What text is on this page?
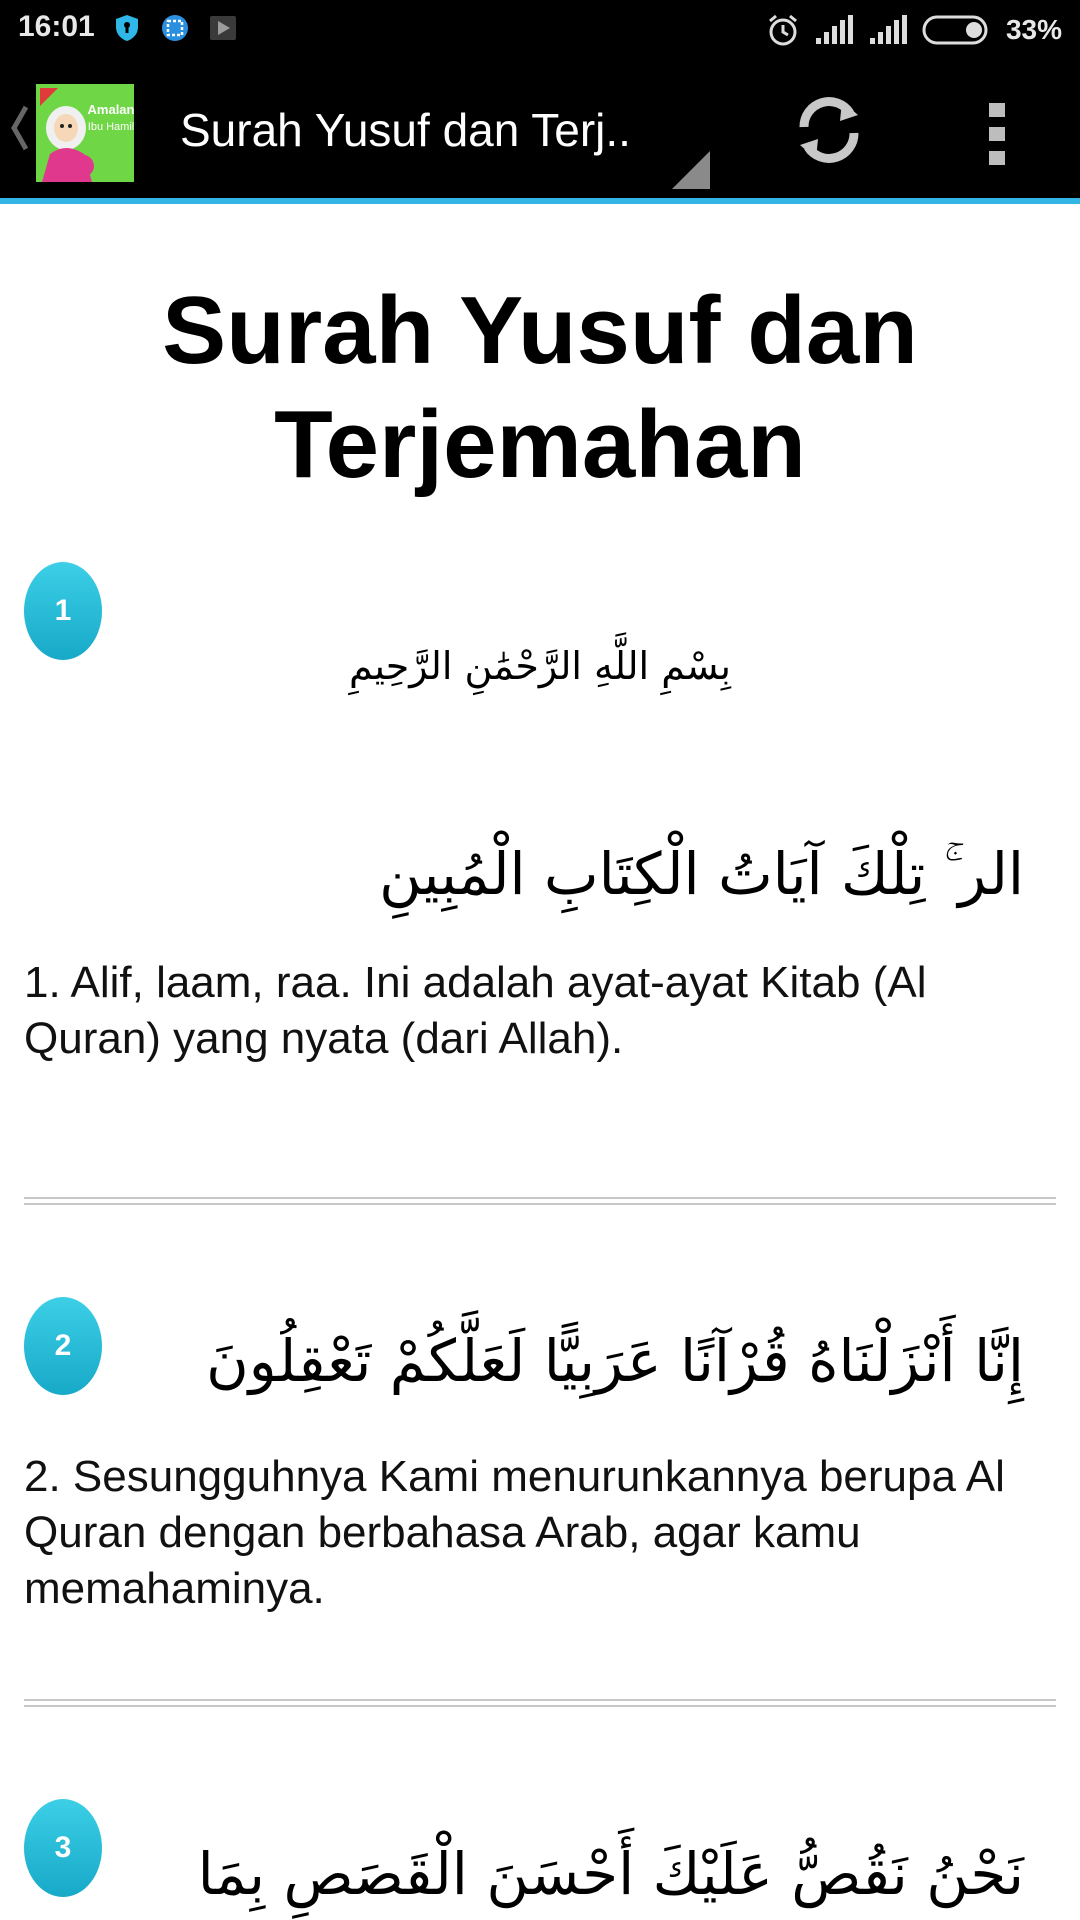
16:01	33%
Amalan
Ibu Hamil Surah Yusuf dan Terj..
Surah Yusuf dan Terjemahan
1
بِسْمِ اللَّهِ الرَّحْمَٰنِ الرَّحِيمِ
الر ۚ تِلْكَ آيَاتُ الْكِتَابِ الْمُبِينِ
1. Alif, laam, raa. Ini adalah ayat-ayat Kitab (Al Quran) yang nyata (dari Allah).
2	إِنَّا أَنْزَلْنَاهُ قُرْآنًا عَرَبِيًّا لَعَلَّكُمْ تَعْقِلُونَ
2. Sesungguhnya Kami menurunkannya berupa Al Quran dengan berbahasa Arab, agar kamu memahaminya.
3	نَحْنُ نَقُصُّ عَلَيْكَ أَحْسَنَ الْقَصَصِ بِمَا
